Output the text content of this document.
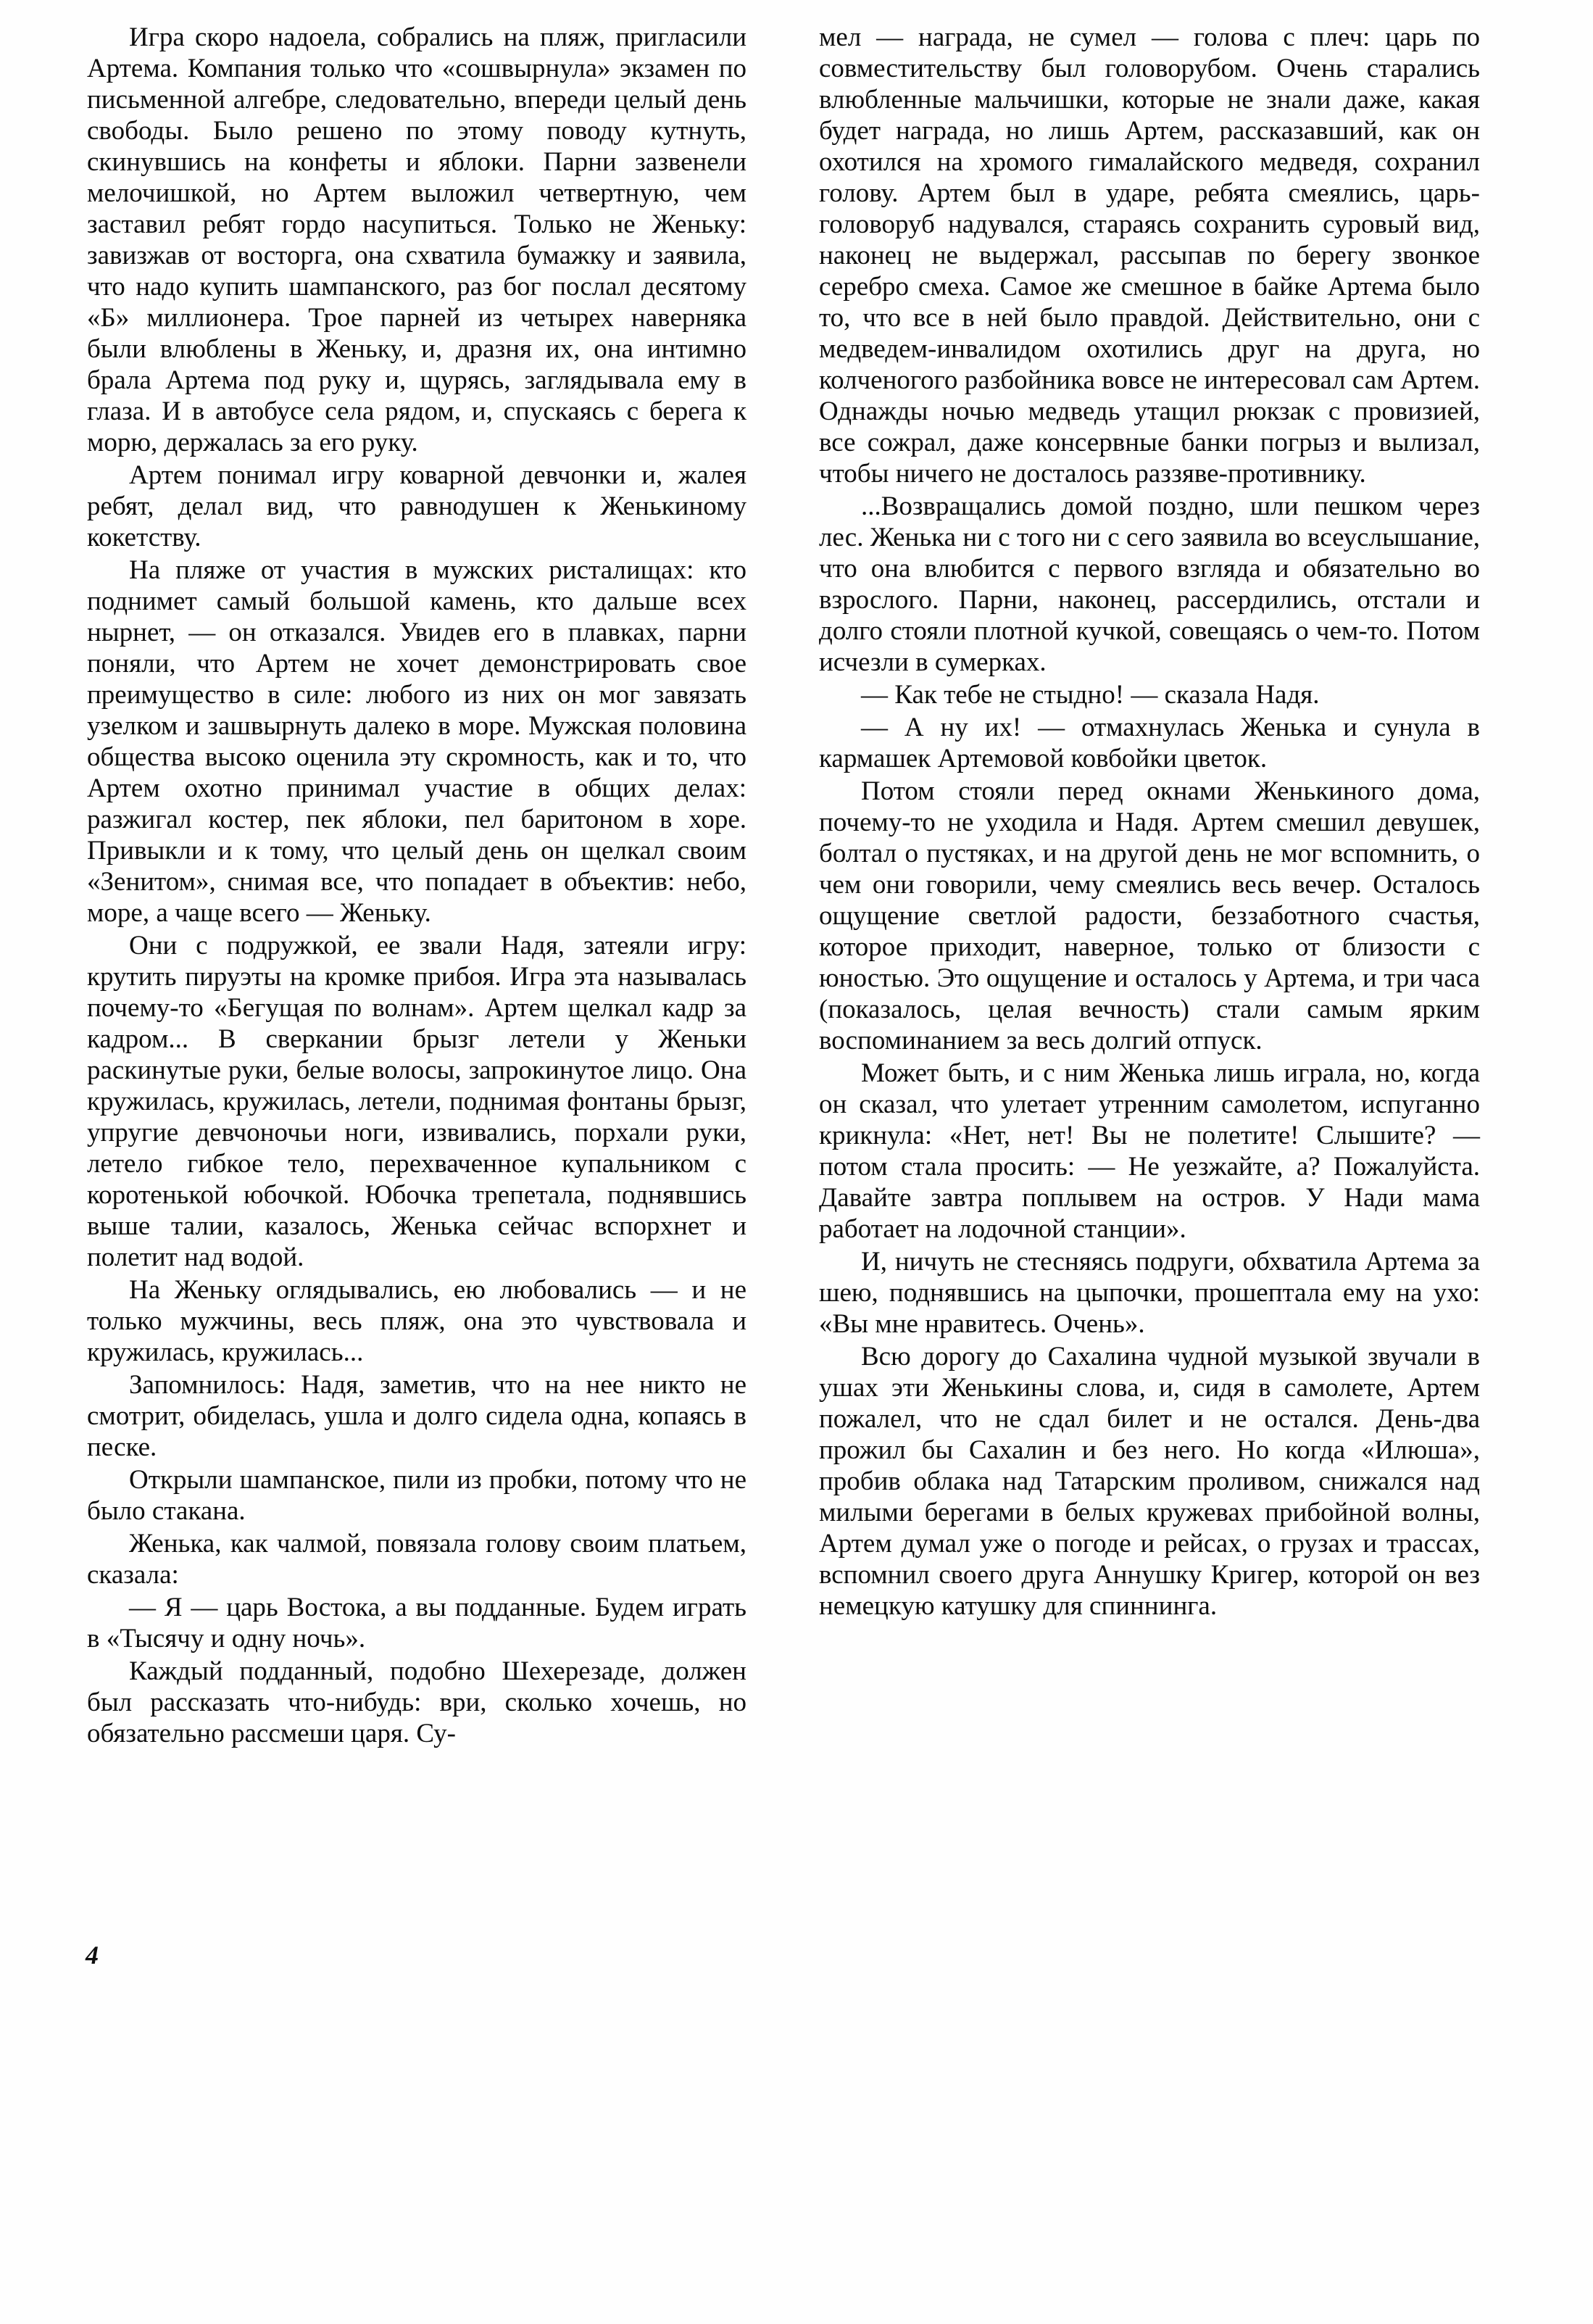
Игра скоро надоела, собрались на пляж, пригласили Артема. Компания только что «сошвырнула» экзамен по письменной алгебре, следовательно, впереди целый день свободы. Было решено по этому поводу кутнуть, скинувшись на конфеты и яблоки. Парни зазвенели мелочишкой, но Артем выложил четвертную, чем заставил ребят гордо насупиться. Только не Женьку: завизжав от восторга, она схватила бумажку и заявила, что надо купить шампанского, раз бог послал десятому «Б» миллионера. Трое парней из четырех наверняка были влюблены в Женьку, и, дразня их, она интимно брала Артема под руку и, щурясь, заглядывала ему в глаза. И в автобусе села рядом, и, спускаясь с берега к морю, держалась за его руку.

Артем понимал игру коварной девчонки и, жалея ребят, делал вид, что равнодушен к Женькиному кокетству.

На пляже от участия в мужских ристалищах: кто поднимет самый большой камень, кто дальше всех нырнет, — он отказался. Увидев его в плавках, парни поняли, что Артем не хочет демонстрировать свое преимущество в силе: любого из них он мог завязать узелком и зашвырнуть далеко в море. Мужская половина общества высоко оценила эту скромность, как и то, что Артем охотно принимал участие в общих делах: разжигал костер, пек яблоки, пел баритоном в хоре. Привыкли и к тому, что целый день он щелкал своим «Зенитом», снимая все, что попадает в объектив: небо, море, а чаще всего — Женьку.

Они с подружкой, ее звали Надя, затеяли игру: крутить пируэты на кромке прибоя. Игра эта называлась почему-то «Бегущая по волнам». Артем щелкал кадр за кадром... В сверкании брызг летели у Женьки раскинутые руки, белые волосы, запрокинутое лицо. Она кружилась, кружилась, летели, поднимая фонтаны брызг, упругие девчоночьи ноги, извивались, порхали руки, летело гибкое тело, перехваченное купальником с коротенькой юбочкой. Юбочка трепетала, поднявшись выше талии, казалось, Женька сейчас вспорхнет и полетит над водой.

На Женьку оглядывались, ею любовались — и не только мужчины, весь пляж, она это чувствовала и кружилась, кружилась...

Запомнилось: Надя, заметив, что на нее никто не смотрит, обиделась, ушла и долго сидела одна, копаясь в песке.

Открыли шампанское, пили из пробки, потому что не было стакана.

Женька, как чалмой, повязала голову своим платьем, сказала:

— Я — царь Востока, а вы подданные. Будем играть в «Тысячу и одну ночь».

Каждый подданный, подобно Шехерезаде, должен был рассказать что-нибудь: ври, сколько хочешь, но обязательно рассмеши царя. Су-

мел — награда, не сумел — голова с плеч: царь по совместительству был головорубом. Очень старались влюбленные мальчишки, которые не знали даже, какая будет награда, но лишь Артем, рассказавший, как он охотился на хромого гималайского медведя, сохранил голову. Артем был в ударе, ребята смеялись, царь-головоруб надувался, стараясь сохранить суровый вид, наконец не выдержал, рассыпав по берегу звонкое серебро смеха. Самое же смешное в байке Артема было то, что все в ней было правдой. Действительно, они с медведем-инвалидом охотились друг на друга, но колченогого разбойника вовсе не интересовал сам Артем. Однажды ночью медведь утащил рюкзак с провизией, все сожрал, даже консервные банки погрыз и вылизал, чтобы ничего не досталось раззяве-противнику.

...Возвращались домой поздно, шли пешком через лес. Женька ни с того ни с сего заявила во всеуслышание, что она влюбится с первого взгляда и обязательно во взрослого. Парни, наконец, рассердились, отстали и долго стояли плотной кучкой, совещаясь о чем-то. Потом исчезли в сумерках.

— Как тебе не стыдно! — сказала Надя.

— А ну их! — отмахнулась Женька и сунула в кармашек Артемовой ковбойки цветок.

Потом стояли перед окнами Женькиного дома, почему-то не уходила и Надя. Артем смешил девушек, болтал о пустяках, и на другой день не мог вспомнить, о чем они говорили, чему смеялись весь вечер. Осталось ощущение светлой радости, беззаботного счастья, которое приходит, наверное, только от близости с юностью. Это ощущение и осталось у Артема, и три часа (показалось, целая вечность) стали самым ярким воспоминанием за весь долгий отпуск.

Может быть, и с ним Женька лишь играла, но, когда он сказал, что улетает утренним самолетом, испуганно крикнула: «Нет, нет! Вы не полетите! Слышите? — потом стала просить: — Не уезжайте, а? Пожалуйста. Давайте завтра поплывем на остров. У Нади мама работает на лодочной станции».

И, ничуть не стесняясь подруги, обхватила Артема за шею, поднявшись на цыпочки, прошептала ему на ухо: «Вы мне нравитесь. Очень».

Всю дорогу до Сахалина чудной музыкой звучали в ушах эти Женькины слова, и, сидя в самолете, Артем пожалел, что не сдал билет и не остался. День-два прожил бы Сахалин и без него. Но когда «Илюша», пробив облака над Татарским проливом, снижался над милыми берегами в белых кружевах прибойной волны, Артем думал уже о погоде и рейсах, о грузах и трассах, вспомнил своего друга Аннушку Кригер, которой он вез немецкую катушку для спиннинга.

4
